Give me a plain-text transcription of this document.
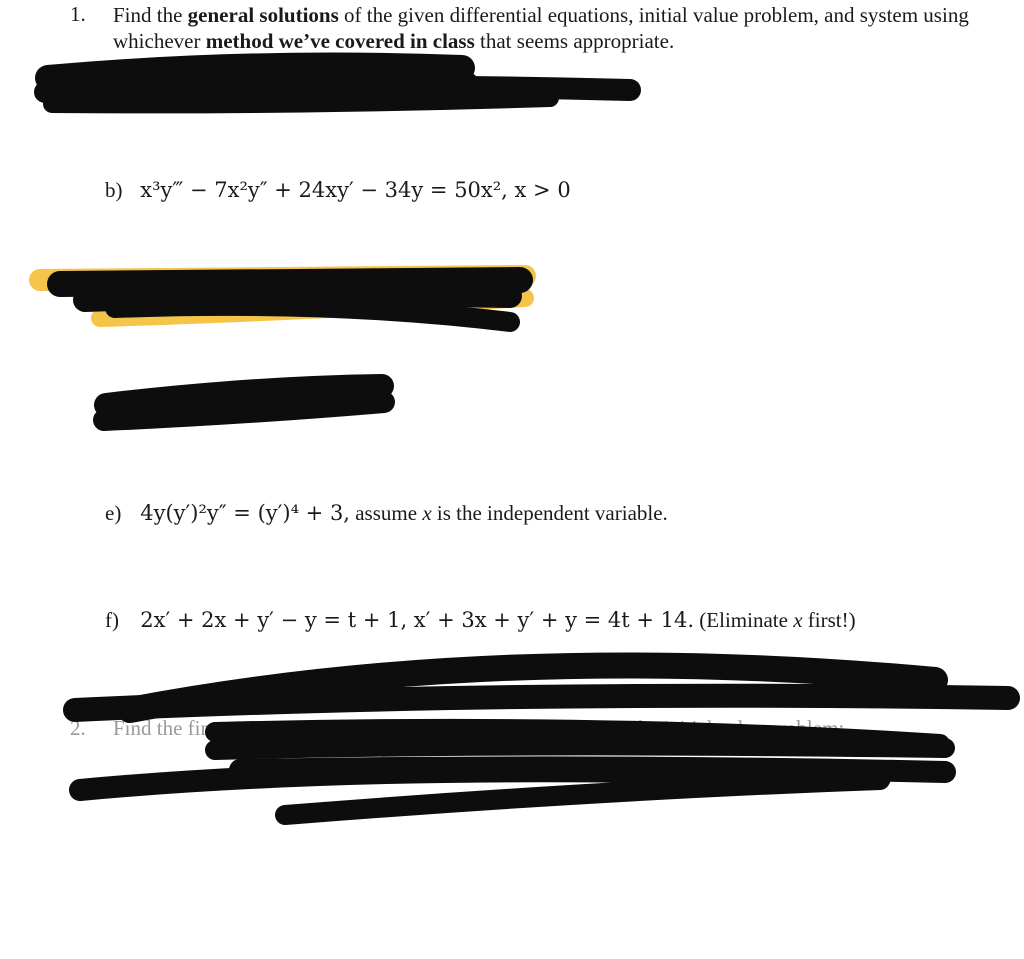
1. Find the general solutions of the given differential equations, initial value problem, and system using whichever method we’ve covered in class that seems appropriate.
b) x³y‴ − 7x²y″ + 24xy′ − 34y = 50x², x > 0
e) 4y(y′)²y″ = (y′)⁴ + 3, assume x is the independent variable.
f) 2x′ + 2x + y′ − y = t + 1, x′ + 3x + y′ + y = 4t + 14. (Eliminate x first!)
2. Find the first six non-zero terms of a Taylor series solution to the initial value problem:
